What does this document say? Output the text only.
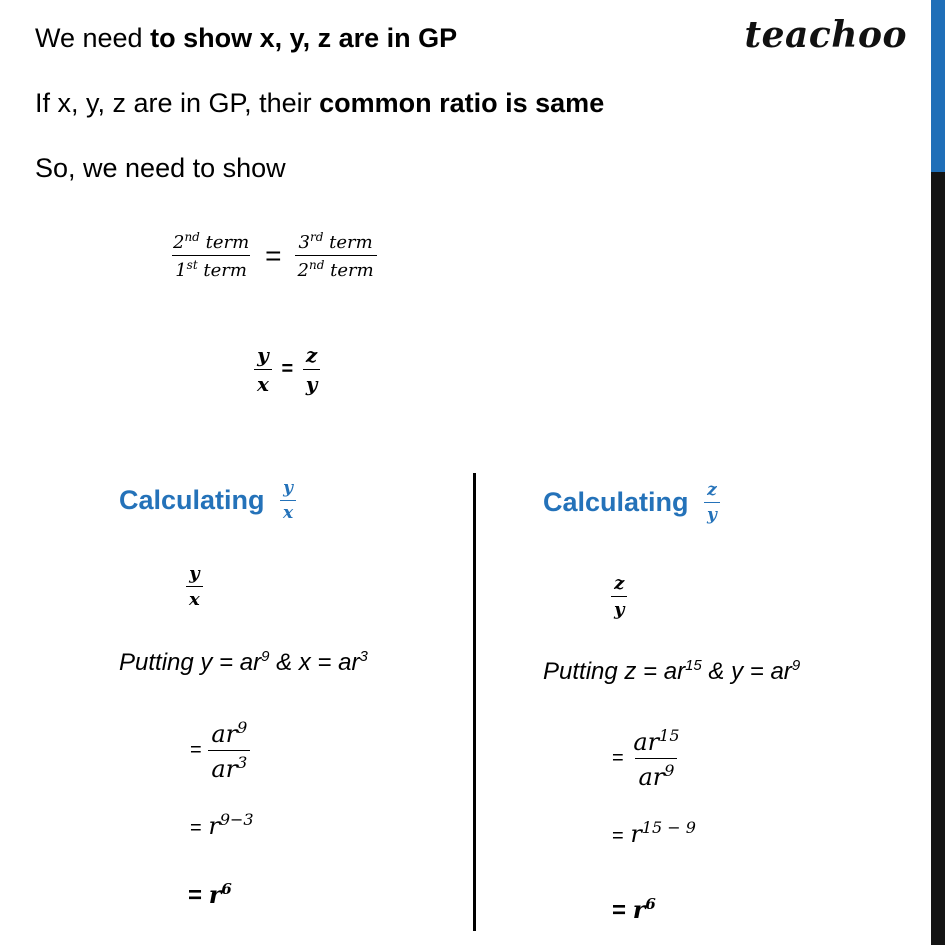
teachoo
We need to show x, y, z are in GP
If x, y, z are in GP, their common ratio is same
So, we need to show
$\frac{2^{nd} term}{1^{st} term} = \frac{3^{rd} term}{2^{nd} term}$
$\frac{y}{x} = \frac{z}{y}$
Calculating $\frac{y}{x}$
$\frac{y}{x}$
Putting $y = ar^9$ & $x = ar^3$
= $\frac{ar^9}{ar^3}$
= $r^{9-3}$
= $r^6$
Calculating $\frac{z}{y}$
$\frac{z}{y}$
Putting $z = ar^{15}$ & $y = ar^9$
= $\frac{ar^{15}}{ar^9}$
= $r^{15 - 9}$
= $r^6$
